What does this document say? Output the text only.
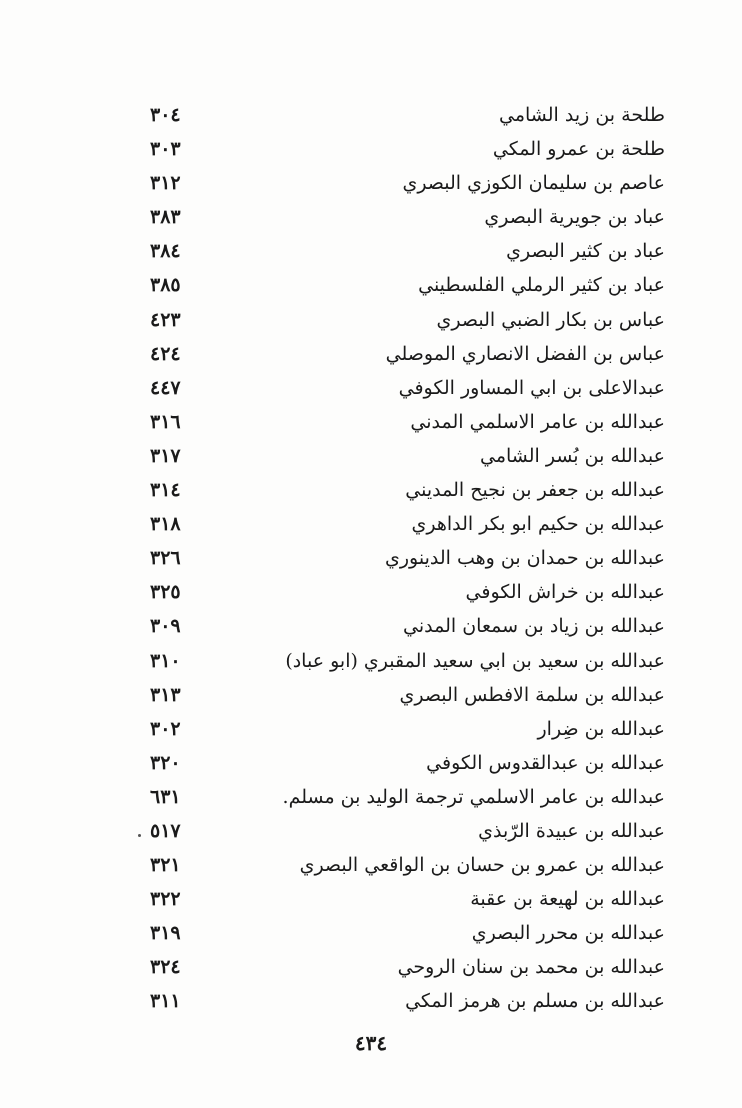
طلحة بن زيد الشامي
٣٠٤
طلحة بن عمرو المكي
٣٠٣
عاصم بن سليمان الكوزي البصري
٣١٢
عباد بن جويرية البصري
٣٨٣
عباد بن كثير البصري
٣٨٤
عباد بن كثير الرملي الفلسطيني
٣٨٥
عباس بن بكار الضبي البصري
٤٢٣
عباس بن الفضل الانصاري الموصلي
٤٢٤
عبدالاعلى بن ابي المساور الكوفي
٤٤٧
عبدالله بن عامر الاسلمي المدني
٣١٦
عبدالله بن بُسر الشامي
٣١٧
عبدالله بن جعفر بن نجيح المديني
٣١٤
عبدالله بن حكيم ابو بكر الداهري
٣١٨
عبدالله بن حمدان بن وهب الدينوري
٣٢٦
عبدالله بن خراش الكوفي
٣٢٥
عبدالله بن زياد بن سمعان المدني
٣٠٩
عبدالله بن سعيد بن ابي سعيد المقبري (ابو عباد)
٣١٠
عبدالله بن سلمة الافطس البصري
٣١٣
عبدالله بن ضِرار
٣٠٢
عبدالله بن عبدالقدوس الكوفي
٣٢٠
عبدالله بن عامر الاسلمي ترجمة الوليد بن مسلم.
٦٣١
عبدالله بن عبيدة الرّبذي
٥١٧
عبدالله بن عمرو بن حسان بن الواقعي البصري
٣٢١
عبدالله بن لهيعة بن عقبة
٣٢٢
عبدالله بن محرر البصري
٣١٩
عبدالله بن محمد بن سنان الروحي
٣٢٤
عبدالله بن مسلم بن هرمز المكي
٣١١
٤٣٤
